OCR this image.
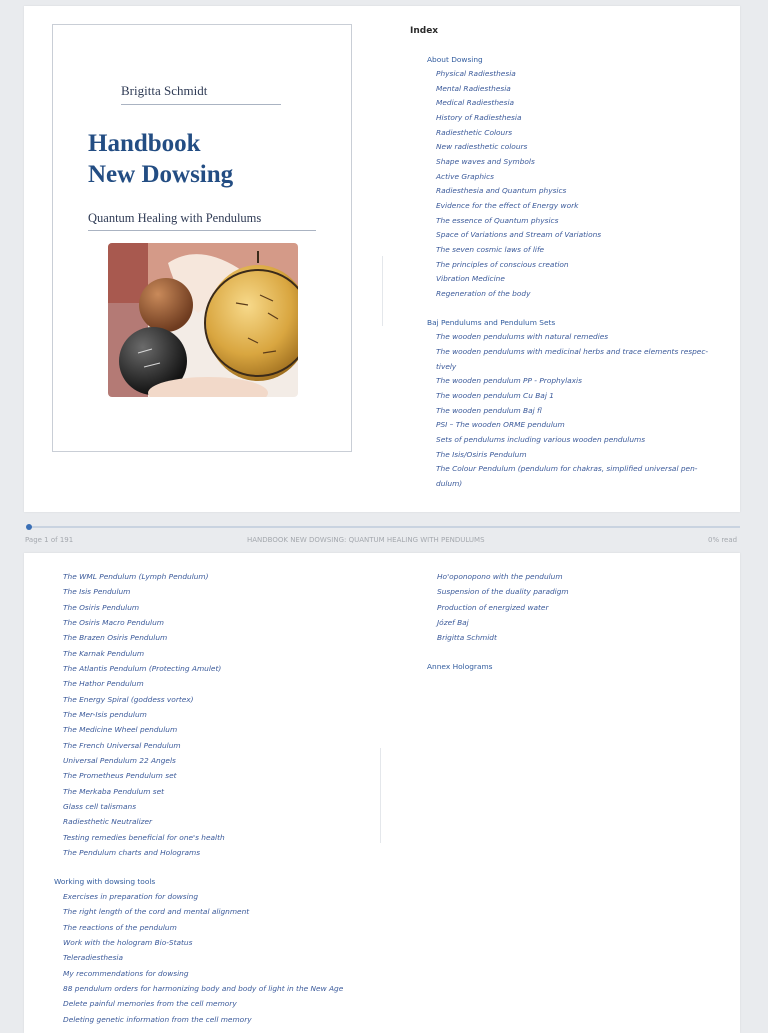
Brigitta Schmidt
Handbook
New Dowsing
Quantum Healing with Pendulums
Index
About Dowsing
Physical Radiesthesia
Mental Radiesthesia
Medical Radiesthesia
History of Radiesthesia
Radiesthetic Colours
New radiesthetic colours
Shape waves and Symbols
Active Graphics
Radiesthesia and Quantum physics
Evidence for the effect of Energy work
The essence of Quantum physics
Space of Variations and Stream of Variations
The seven cosmic laws of life
The principles of conscious creation
Vibration Medicine
Regeneration of the body
Baj Pendulums and Pendulum Sets
The wooden pendulums with natural remedies
The wooden pendulums with medicinal herbs and trace elements respec-
tively
The wooden pendulum PP - Prophylaxis
The wooden pendulum Cu Baj 1
The wooden pendulum Baj fl
PSI – The wooden ORME pendulum
Sets of pendulums including various wooden pendulums
The Isis/Osiris Pendulum
The Colour Pendulum (pendulum for chakras, simplified universal pen-
dulum)
Page 1 of 191	HANDBOOK NEW DOWSING: QUANTUM HEALING WITH PENDULUMS	0% read
The WML Pendulum (Lymph Pendulum)
The Isis Pendulum
The Osiris Pendulum
The Osiris Macro Pendulum
The Brazen Osiris Pendulum
The Karnak Pendulum
The Atlantis Pendulum (Protecting Amulet)
The Hathor Pendulum
The Energy Spiral (goddess vortex)
The Mer-Isis pendulum
The Medicine Wheel pendulum
The French Universal Pendulum
Universal Pendulum 22 Angels
The Prometheus Pendulum set
The Merkaba Pendulum set
Glass cell talismans
Radiesthetic Neutralizer
Testing remedies beneficial for one's health
The Pendulum charts and Holograms
Working with dowsing tools
Exercises in preparation for dowsing
The right length of the cord and mental alignment
The reactions of the pendulum
Work with the hologram Bio-Status
Teleradiesthesia
My recommendations for dowsing
88 pendulum orders for harmonizing body and body of light in the New Age
Delete painful memories from the cell memory
Deleting genetic information from the cell memory
Ho'oponopono with the pendulum
Suspension of the duality paradigm
Production of energized water
Józef Baj
Brigitta Schmidt
Annex Holograms
